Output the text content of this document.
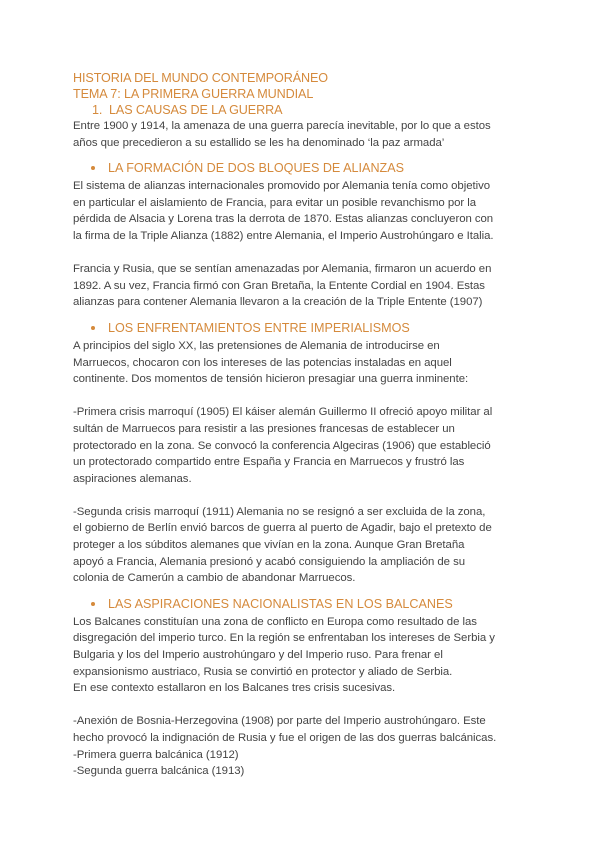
HISTORIA DEL MUNDO CONTEMPORÁNEO

TEMA 7: LA PRIMERA GUERRA MUNDIAL

1. LAS CAUSAS DE LA GUERRA

Entre 1900 y 1914, la amenaza de una guerra parecía inevitable, por lo que a estos

años que precedieron a su estallido se les ha denominado ‘la paz armada’

LA FORMACIÓN DE DOS BLOQUES DE ALIANZAS

El sistema de alianzas internacionales promovido por Alemania tenía como objetivo

en particular el aislamiento de Francia, para evitar un posible revanchismo por la

pérdida de Alsacia y Lorena tras la derrota de 1870. Estas alianzas concluyeron con

la firma de la Triple Alianza (1882) entre Alemania, el Imperio Austrohúngaro e Italia.

Francia y Rusia, que se sentían amenazadas por Alemania, firmaron un acuerdo en

1892. A su vez, Francia firmó con Gran Bretaña, la Entente Cordial en 1904. Estas

alianzas para contener Alemania llevaron a la creación de la Triple Entente (1907)

LOS ENFRENTAMIENTOS ENTRE IMPERIALISMOS

A principios del siglo XX, las pretensiones de Alemania de introducirse en

Marruecos, chocaron con los intereses de las potencias instaladas en aquel

continente. Dos momentos de tensión hicieron presagiar una guerra inminente:

-Primera crisis marroquí (1905) El káiser alemán Guillermo II ofreció apoyo militar al

sultán de Marruecos para resistir a las presiones francesas de establecer un

protectorado en la zona. Se convocó la conferencia Algeciras (1906) que estableció

un protectorado compartido entre España y Francia en Marruecos y frustró las

aspiraciones alemanas.

-Segunda crisis marroquí (1911) Alemania no se resignó a ser excluida de la zona,

el gobierno de Berlín envió barcos de guerra al puerto de Agadir, bajo el pretexto de

proteger a los súbditos alemanes que vivían en la zona. Aunque Gran Bretaña

apoyó a Francia, Alemania presionó y acabó consiguiendo la ampliación de su

colonia de Camerún a cambio de abandonar Marruecos.

LAS ASPIRACIONES NACIONALISTAS EN LOS BALCANES

Los Balcanes constituían una zona de conflicto en Europa como resultado de las

disgregación del imperio turco. En la región se enfrentaban los intereses de Serbia y

Bulgaria y los del Imperio austrohúngaro y del Imperio ruso. Para frenar el

expansionismo austriaco, Rusia se convirtió en protector y aliado de Serbia.

En ese contexto estallaron en los Balcanes tres crisis sucesivas.

-Anexión de Bosnia-Herzegovina (1908) por parte del Imperio austrohúngaro. Este

hecho provocó la indignación de Rusia y fue el origen de las dos guerras balcánicas.

-Primera guerra balcánica (1912)

-Segunda guerra balcánica (1913)
